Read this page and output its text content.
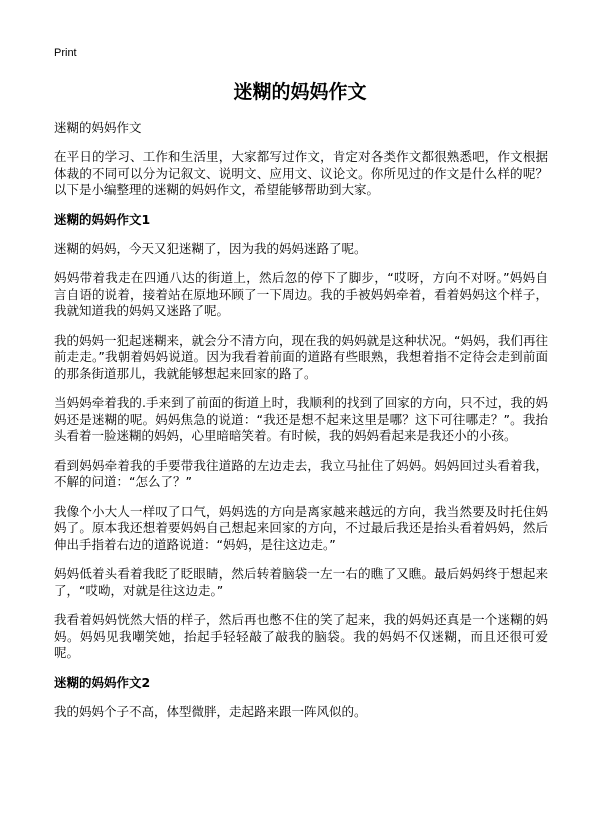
Print
迷糊的妈妈作文
迷糊的妈妈作文

在平日的学习、工作和生活里，大家都写过作文，肯定对各类作文都很熟悉吧，作文根据体裁的不同可以分为记叙文、说明文、应用文、议论文。你所见过的作文是什么样的呢？以下是小编整理的迷糊的妈妈作文，希望能够帮助到大家。

迷糊的妈妈作文1

迷糊的妈妈，今天又犯迷糊了，因为我的妈妈迷路了呢。

妈妈带着我走在四通八达的街道上，然后忽的停下了脚步，“哎呀，方向不对呀。”妈妈自言自语的说着，接着站在原地环顾了一下周边。我的手被妈妈牵着，看着妈妈这个样子，我就知道我的妈妈又迷路了呢。

我的妈妈一犯起迷糊来，就会分不清方向，现在我的妈妈就是这种状况。“妈妈，我们再往前走走。”我朝着妈妈说道。因为我看着前面的道路有些眼熟，我想着指不定待会走到前面的那条街道那儿，我就能够想起来回家的路了。

当妈妈牵着我的.手来到了前面的街道上时，我顺利的找到了回家的方向，只不过，我的妈妈还是迷糊的呢。妈妈焦急的说道：“我还是想不起来这里是哪？这下可往哪走？”。我抬头看着一脸迷糊的妈妈，心里暗暗笑着。有时候，我的妈妈看起来是我还小的小孩。

看到妈妈牵着我的手要带我往道路的左边走去，我立马扯住了妈妈。妈妈回过头看着我，不解的问道：“怎么了？”

我像个小大人一样叹了口气，妈妈选的方向是离家越来越远的方向，我当然要及时托住妈妈了。原本我还想着要妈妈自己想起来回家的方向，不过最后我还是抬头看着妈妈，然后伸出手指着右边的道路说道：“妈妈，是往这边走。”

妈妈低着头看着我眨了眨眼睛，然后转着脑袋一左一右的瞧了又瞧。最后妈妈终于想起来了，“哎呦，对就是往这边走。”

我看着妈妈恍然大悟的样子，然后再也憋不住的笑了起来，我的妈妈还真是一个迷糊的妈妈。妈妈见我嘲笑她，抬起手轻轻敲了敲我的脑袋。我的妈妈不仅迷糊，而且还很可爱呢。

迷糊的妈妈作文2

我的妈妈个子不高，体型微胖，走起路来跟一阵风似的。
